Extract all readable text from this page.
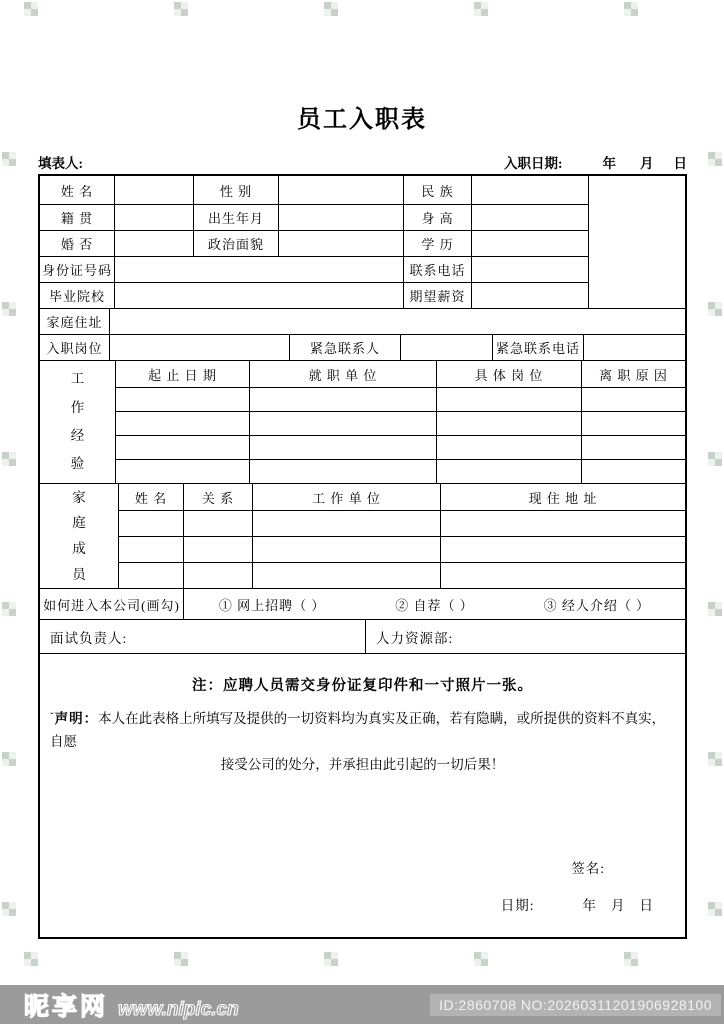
员工入职表
填表人:	入职日期:	年 月 日
姓 名	性 别	民 族
籍 贯	出生年月	身 高
婚 否	政治面貌	学 历
身份证号码	联系电话
毕业院校	期望薪资
家庭住址
入职岗位	紧急联系人	紧急联系电话
工作经验
起 止 日 期	就 职 单 位	具 体 岗 位	离 职 原 因
家庭成员
姓 名	关 系	工 作 单 位	现 住 地 址
如何进入本公司(画勾)	① 网上招聘（ ）	② 自荐（ ）	③ 经人介绍（ ）
面试负责人:	人力资源部:
注：应聘人员需交身份证复印件和一寸照片一张。
$^ˇ$声明：本人在此表格上所填写及提供的一切资料均为真实及正确，若有隐瞒，或所提供的资料不真实，自愿
接受公司的处分，并承担由此引起的一切后果！
签名:
日期:	年 月 日
昵享网 www.nipic.cn	ID:2860708 NO:20260311201906928100
